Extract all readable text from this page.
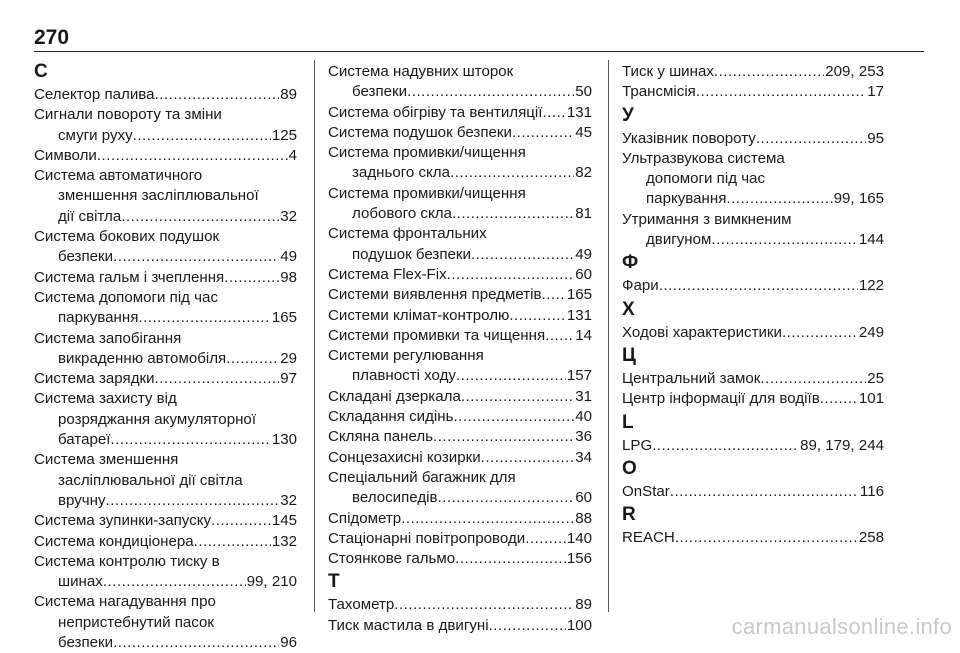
270
С
Селектор палива .....	89
Сигнали повороту та зміни
смуги руху .....	125
Символи .....	4
Система автоматичного
зменшення засліплювальної
дії світла .....	32
Система бокових подушок
безпеки .....	49
Система гальм і зчеплення .....	98
Система допомоги під час
паркування .....	165
Система запобігання
викраденню автомобіля .....	29
Система зарядки .....	97
Система захисту від
розряджання акумуляторної
батареї .....	130
Система зменшення
засліплювальної дії світла
вручну .....	32
Система зупинки-запуску .....	145
Система кондиціонера .....	132
Система контролю тиску в
шинах .....	99, 210
Система нагадування про
непристебнутий пасок
безпеки .....	96
Система надувних шторок
безпеки .....	50
Система обігріву та вентиляції ..... 131
Система подушок безпеки .....	45
Система промивки/чищення
заднього скла .....	82
Система промивки/чищення
лобового скла .....	81
Система фронтальних
подушок безпеки .....	49
Система Flex-Fix .....	60
Системи виявлення предметів ..... 165
Системи клімат-контролю .....	131
Системи промивки та чищення ..... 14
Системи регулювання
плавності ходу .....	157
Складані дзеркала .....	31
Складання сидінь .....	40
Скляна панель .....	36
Сонцезахисні козирки .....	34
Спеціальний багажник для
велосипедів .....	60
Спідометр .....	88
Стаціонарні повітропроводи .....	140
Стоянкове гальмо .....	156
Т
Тахометр .....	89
Тиск мастила в двигуні .....	100
Тиск у шинах .....	209, 253
Трансмісія .....	17
У
Указівник повороту .....	95
Ультразвукова система
допомоги під час
паркування .....	99, 165
Утримання з вимкненим
двигуном .....	144
Ф
Фари .....	122
Х
Ходові характеристики .....	249
Ц
Центральний замок .....	25
Центр інформації для водіїв .....	101
L
LPG .....	89, 179, 244
O
OnStar .....	116
R
REACH .....	258
carmanualsonline.info
